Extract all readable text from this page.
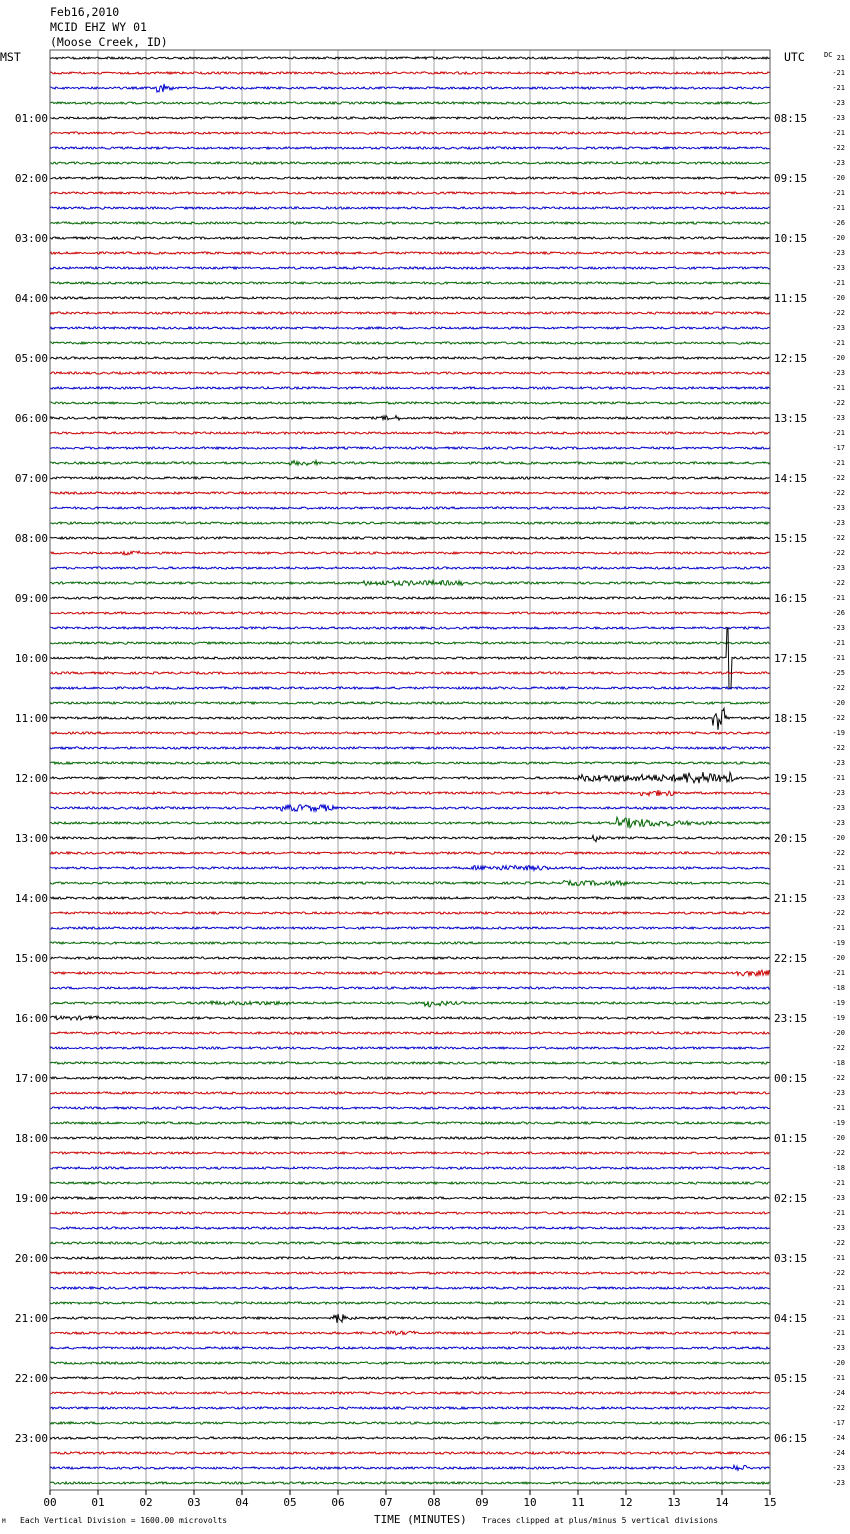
Feb16,2010
MCID EHZ WY 01
(Moose Creek, ID)
MST	UTC	DC
01:00
02:00
03:00
04:00
05:00
06:00
07:00
08:00
09:00
10:00
11:00
12:00
13:00
14:00
15:00
16:00
17:00
18:00
19:00
20:00
21:00
22:00
23:00
08:15
09:15
10:15
11:15
12:15
13:15
14:15
15:15
16:15
17:15
18:15
19:15
20:15
21:15
22:15
23:15
00:15
01:15
02:15
03:15
04:15
05:15
06:15
21
-21
-21
-23
-23
-21
-22
-23
-20
-21
-21
-26
-20
-23
-23
-21
-20
-22
-23
-21
-20
-23
-21
-22
-23
-21
-17
-21
-22
-22
-23
-23
-22
-22
-23
-22
-21
-26
-23
-21
-21
-25
-22
-20
-22
-19
-22
-23
-21
-23
-23
-23
-20
-22
-21
-21
-23
-22
-21
-19
-20
-21
-18
-19
-19
-20
-22
-18
-22
-23
-21
-19
-20
-22
-18
-21
-23
-21
-23
-22
-21
-22
-21
-21
-21
-21
-23
-20
-21
-24
-22
-17
-24
-24
-23
-23
00	01	02	03	04	05	06	07	08	09	10	11	12	13	14	15
M Each Vertical Division = 1600.00 microvolts	TIME (MINUTES) Traces clipped at plus/minus 5 vertical divisions
